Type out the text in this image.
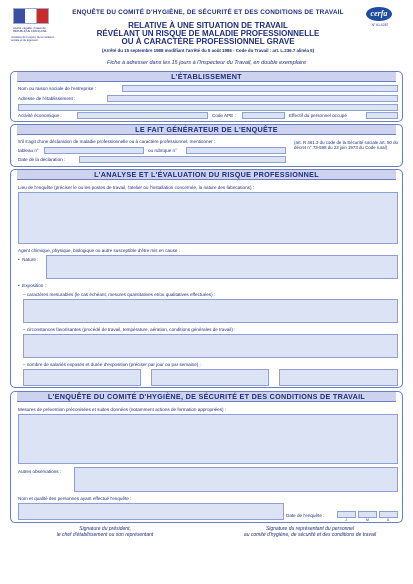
Liberté • Égalité • Fraternité
RÉPUBLIQUE FRANÇAISE
ministère de l'emploi, de la cohésion sociale et du logement
ENQUÊTE DU COMITÉ D'HYGIÈNE, DE SÉCURITÉ ET DES CONDITIONS DE TRAVAIL	cerfa
N° 61-0287
RELATIVE À UNE SITUATION DE TRAVAIL
RÉVÉLANT UN RISQUE DE MALADIE PROFESSIONNELLE
OU À CARACTÈRE PROFESSIONNEL GRAVE
(Arrêté du 15 septembre 1988 modifiant l'arrêté du 5 août 1986 - Code du Travail : art. L.236.7 alinéa 5)
Fiche à adresser dans les 15 jours à l'Inspecteur du Travail, en double exemplaire
L'ÉTABLISSEMENT
Nom ou raison sociale de l'entreprise :
Adresse de l'établissement :
Activité économique :	Code APE :	Effectif du personnel occupé
LE FAIT GÉNÉRATEUR DE L'ENQUÊTE
S'il s'agit d'une déclaration de maladie professionnelle ou à caractère professionnel, mentionner :
tableau n°	ou rubrique n°
Date de la déclaration :
(art. R 461.3 du code de la Sécurité sociale art. 50 du décret n° 73-598 du 23 juin 1973 du Code rural)
L'ANALYSE ET L'ÉVALUATION DU RISQUE PROFESSIONNEL
Lieu de l'enquête (préciser le ou les postes de travail, l'atelier ou l'installation concernée, la nature des fabrications) :
Agent chimique, physique, biologique ou autre susceptible d'être mis en cause :
•  Nature :
•  Exposition :
– caractères mesurables (le cas échéant, mesures quantitatives et/ou qualitatives effectuées) :
– circonstances favorisantes (procédé de travail, température, aération, conditions générales de travail) :
– nombre de salariés exposés et durée d'exposition (préciser par jour ou par semaine) :
L'ENQUÊTE DU COMITÉ D'HYGIÈNE, DE SÉCURITÉ ET DES CONDITIONS DE TRAVAIL
Mesures de prévention préconisées et suites données (notamment actions de formation appropriées) :
Autres observations :
Nom et qualité des personnes ayant effectué l'enquête :
Date de l'enquête :
J	M	A
Signature du président,
le chef d'établissement ou son représentant
Signature du représentant du personnel
au comité d'hygiène, de sécurité et des conditions de travail
